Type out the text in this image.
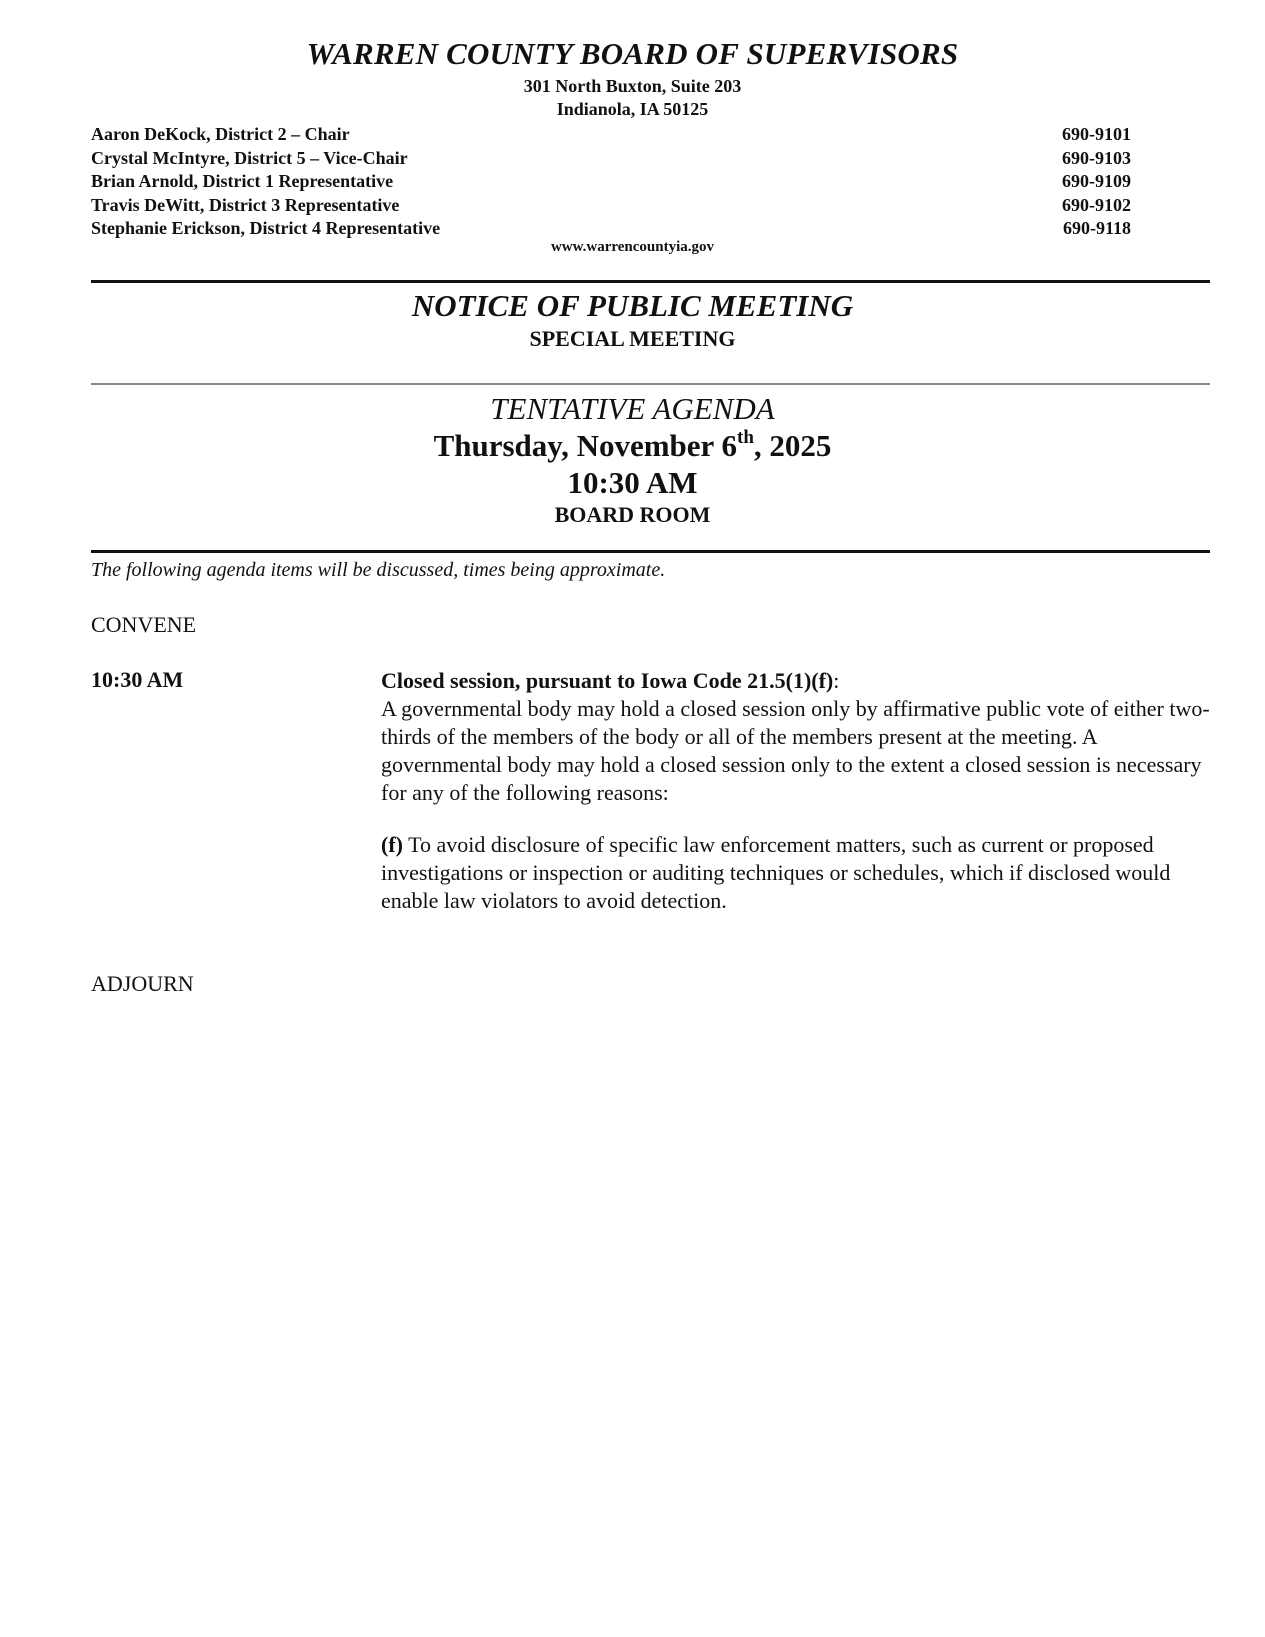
WARREN COUNTY BOARD OF SUPERVISORS
301 North Buxton, Suite 203
Indianola, IA 50125
Aaron DeKock, District 2 – Chair	690-9101
Crystal McIntyre, District 5 – Vice-Chair	690-9103
Brian Arnold, District 1 Representative	690-9109
Travis DeWitt, District 3 Representative	690-9102
Stephanie Erickson, District 4 Representative	690-9118
www.warrencountyia.gov
NOTICE OF PUBLIC MEETING
SPECIAL MEETING
TENTATIVE AGENDA
Thursday, November 6th, 2025
10:30 AM
BOARD ROOM
The following agenda items will be discussed, times being approximate.
CONVENE
10:30 AM	Closed session, pursuant to Iowa Code 21.5(1)(f):

A governmental body may hold a closed session only by affirmative public vote of either two-thirds of the members of the body or all of the members present at the meeting. A governmental body may hold a closed session only to the extent a closed session is necessary for any of the following reasons:

(f) To avoid disclosure of specific law enforcement matters, such as current or proposed investigations or inspection or auditing techniques or schedules, which if disclosed would enable law violators to avoid detection.

ADJOURN
